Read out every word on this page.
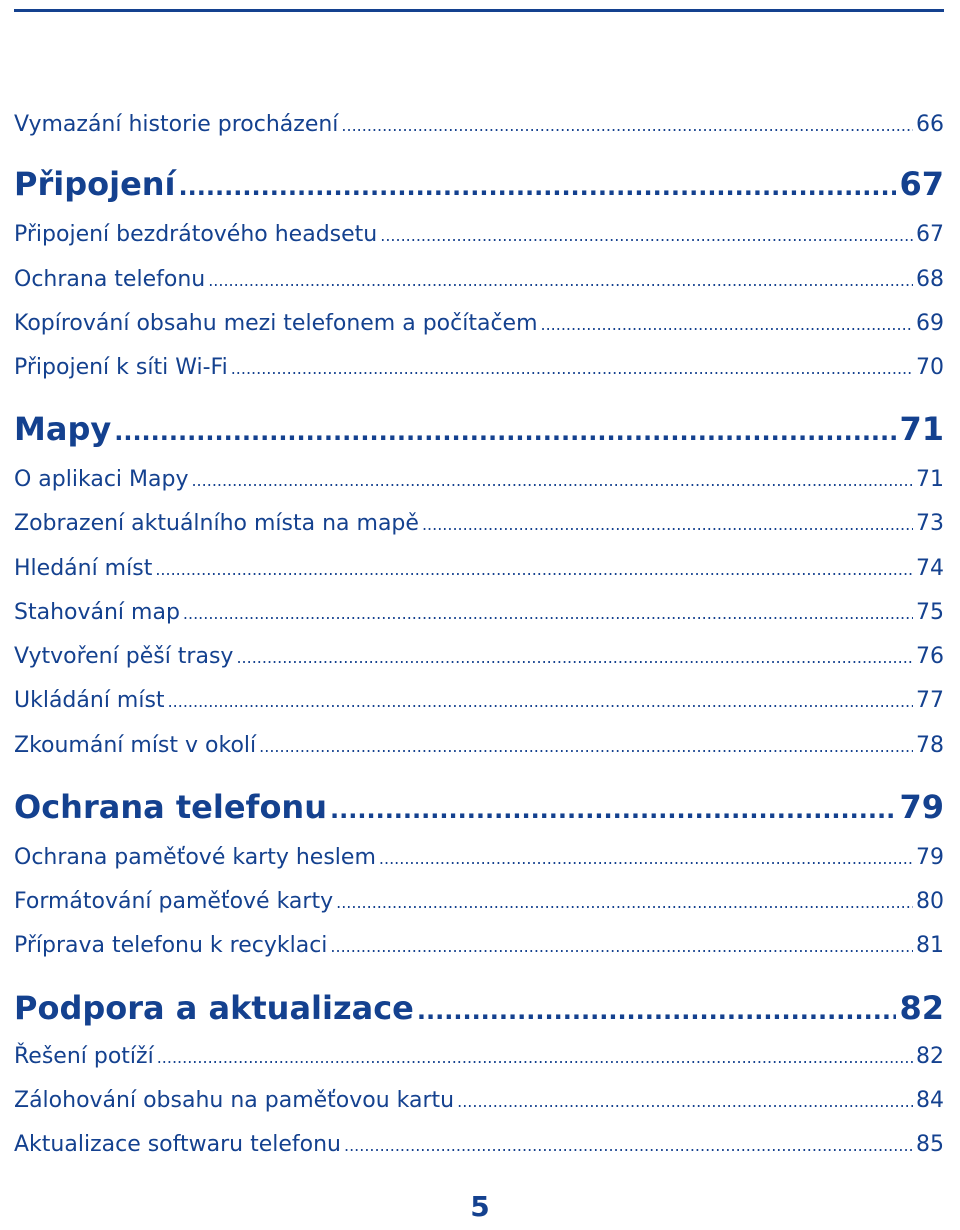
Vymazání historie procházení .....	66
Připojení .....	67
Připojení bezdrátového headsetu .....	67
Ochrana telefonu .....	68
Kopírování obsahu mezi telefonem a počítačem .....	69
Připojení k síti Wi-Fi .....	70
Mapy .....	71
O aplikaci Mapy .....	71
Zobrazení aktuálního místa na mapě .....	73
Hledání míst .....	74
Stahování map .....	75
Vytvoření pěší trasy .....	76
Ukládání míst .....	77
Zkoumání míst v okolí .....	78
Ochrana telefonu .....	79
Ochrana paměťové karty heslem .....	79
Formátování paměťové karty .....	80
Příprava telefonu k recyklaci .....	81
Podpora a aktualizace .....	82
Řešení potíží .....	82
Zálohování obsahu na paměťovou kartu .....	84
Aktualizace softwaru telefonu .....	85
5
